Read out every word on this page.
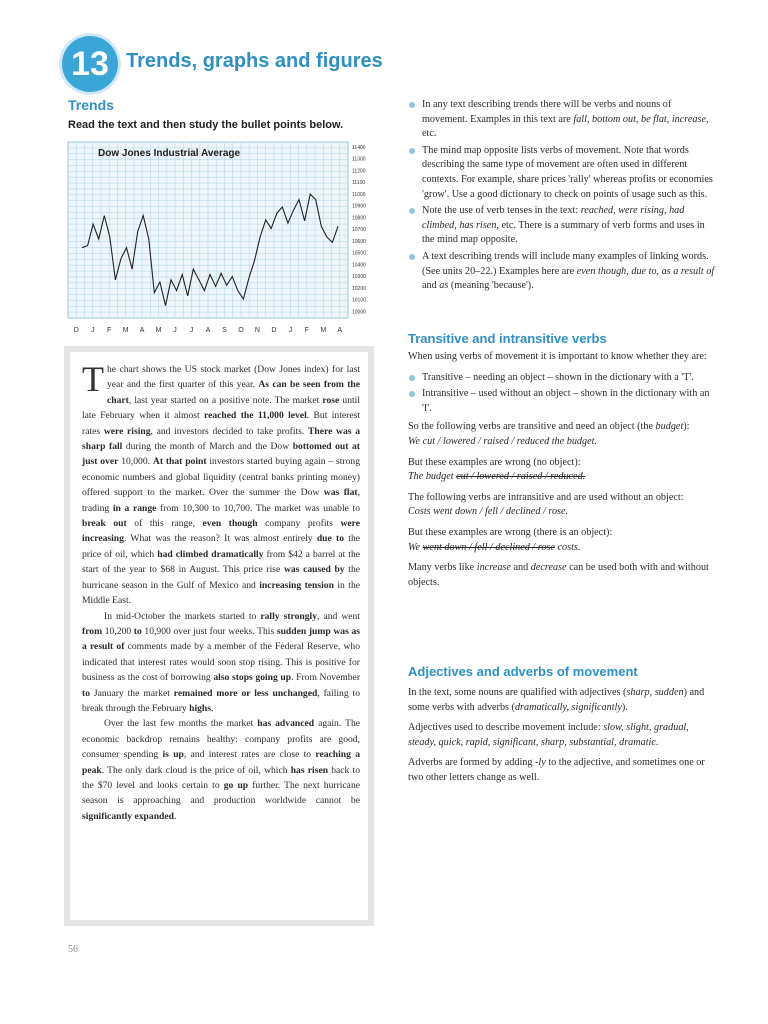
13 Trends, graphs and figures
Trends
Read the text and then study the bullet points below.
Dow Jones Industrial Average	11400
11300
11200
11100
11000
10900
10800
10700
10600
10500
10400
10300
10200
10100
10000
D J F M A M J J A S O N D J F M A

The chart shows the US stock market (Dow Jones index) for last year and the first quarter of this year. As can be seen from the chart, last year started on a positive note. The market rose until late February when it almost reached the 11,000 level. But interest rates were rising, and investors decided to take profits. There was a sharp fall during the month of March and the Dow bottomed out at just over 10,000. At that point investors started buying again – strong economic numbers and global liquidity (central banks printing money) offered support to the market. Over the summer the Dow was flat, trading in a range from 10,300 to 10,700. The market was unable to break out of this range, even though company profits were increasing. What was the reason? It was almost entirely due to the price of oil, which had climbed dramatically from $42 a barrel at the start of the year to $68 in August. This price rise was caused by the hurricane season in the Gulf of Mexico and increasing tension in the Middle East.

In mid-October the markets started to rally strongly, and went from 10,200 to 10,900 over just four weeks. This sudden jump was as a result of comments made by a member of the Federal Reserve, who indicated that interest rates would soon stop rising. This is positive for business as the cost of borrowing also stops going up. From November to January the market remained more or less unchanged, failing to break through the February highs.

Over the last few months the market has advanced again. The economic backdrop remains healthy: company profits are good, consumer spending is up, and interest rates are close to reaching a peak. The only dark cloud is the price of oil, which has risen back to the $70 level and looks certain to go up further. The next hurricane season is approaching and production worldwide cannot be significantly expanded.

56
In any text describing trends there will be verbs and nouns of movement. Examples in this text are fall, bottom out, be flat, increase, etc.
The mind map opposite lists verbs of movement. Note that words describing the same type of movement are often used in different contexts. For example, share prices 'rally' whereas profits or economies 'grow'. Use a good dictionary to check on points of usage such as this.
Note the use of verb tenses in the text: reached, were rising, had climbed, has risen, etc. There is a summary of verb forms and uses in the mind map opposite.
A text describing trends will include many examples of linking words. (See units 20–22.) Examples here are even though, due to, as a result of and as (meaning 'because').
Transitive and intransitive verbs

When using verbs of movement it is important to know whether they are:

Transitive – needing an object – shown in the dictionary with a 'T'.
Intransitive – used without an object – shown in the dictionary with an 'I'.

So the following verbs are transitive and need an object (the budget):
We cut / lowered / raised / reduced the budget.

But these examples are wrong (no object):
The budget cut / lowered / raised / reduced.

The following verbs are intransitive and are used without an object:
Costs went down / fell / declined / rose.

But these examples are wrong (there is an object):
We went down / fell / declined / rose costs.

Many verbs like increase and decrease can be used both with and without objects.

Adjectives and adverbs of movement

In the text, some nouns are qualified with adjectives (sharp, sudden) and some verbs with adverbs (dramatically, significantly).

Adjectives used to describe movement include: slow, slight, gradual, steady, quick, rapid, significant, sharp, substantial, dramatic.

Adverbs are formed by adding -ly to the adjective, and sometimes one or two other letters change as well.
